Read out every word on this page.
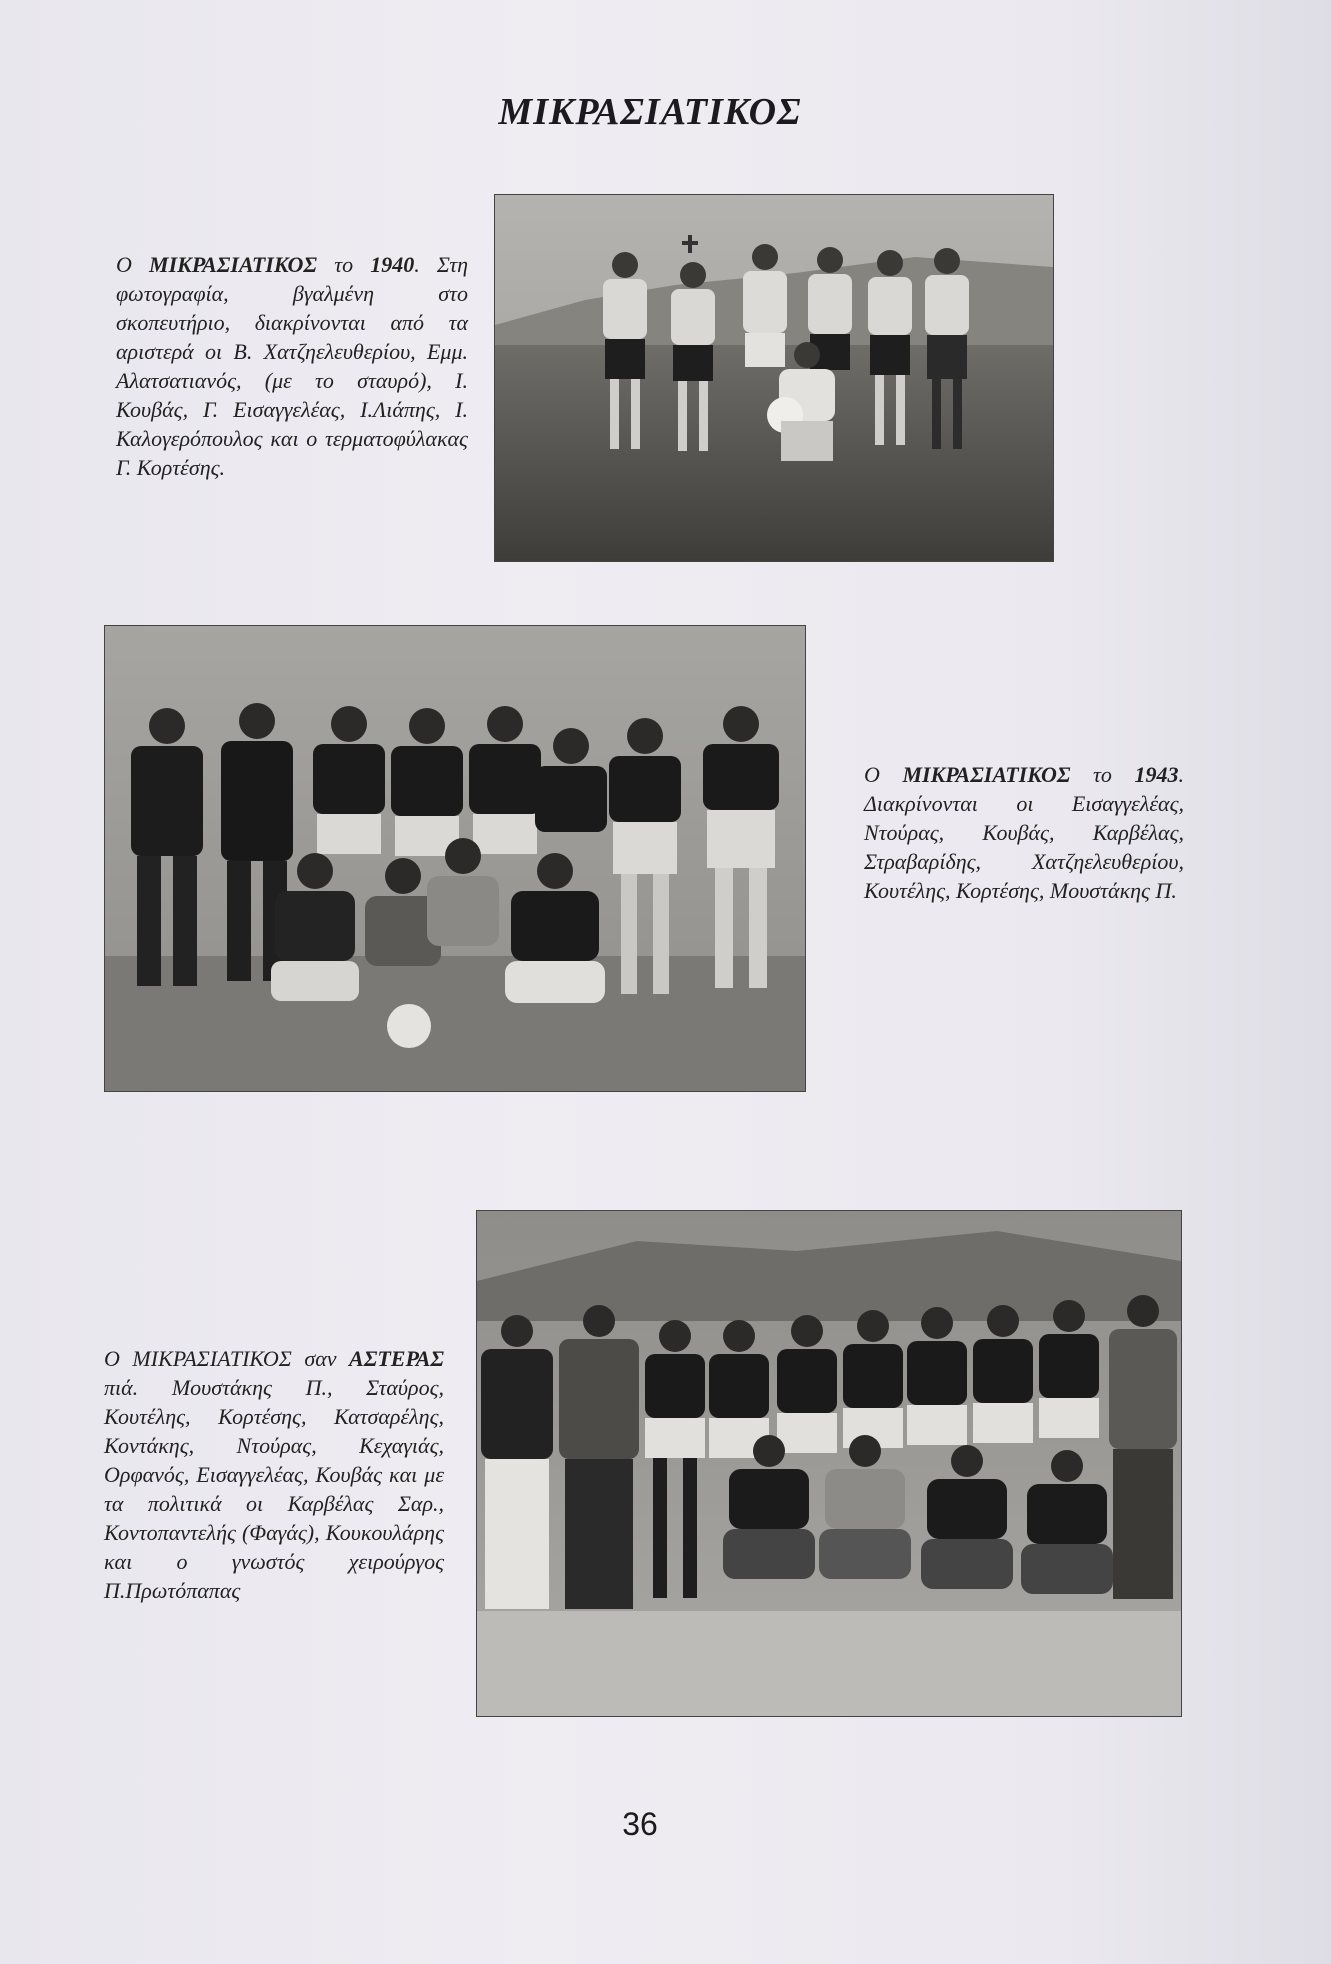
ΜΙΚΡΑΣΙΑΤΙΚΟΣ
Ο ΜΙΚΡΑΣΙΑΤΙΚΟΣ το 1940. Στη φωτογραφία, βγαλμένη στο σκοπευτήριο, διακρίνονται από τα αριστερά οι Β. Χατζηελευθερίου, Εμμ. Αλατσατιανός, (με το σταυρό), Ι. Κουβάς, Γ. Εισαγγελέας, Ι.Λιάπης, Ι. Καλογερόπουλος και ο τερματοφύλακας Γ. Κορτέσης.
Ο ΜΙΚΡΑΣΙΑΤΙΚΟΣ το 1943. Διακρίνονται οι Εισαγγελέας, Ντούρας, Κουβάς, Καρβέλας, Στραβαρίδης, Χατζηελευθερίου, Κουτέλης, Κορτέσης, Μουστάκης Π.
Ο ΜΙΚΡΑΣΙΑΤΙΚΟΣ σαν ΑΣΤΕΡΑΣ πιά. Μουστάκης Π., Σταύρος, Κουτέλης, Κορτέσης, Κατσαρέλης, Κοντάκης, Ντούρας, Κεχαγιάς, Ορφανός, Εισαγγελέας, Κουβάς και με τα πολιτικά οι Καρβέλας Σαρ., Κοντοπαντελής (Φαγάς), Κουκουλάρης και ο γνωστός χειρούργος Π.Πρωτόπαπας
36
